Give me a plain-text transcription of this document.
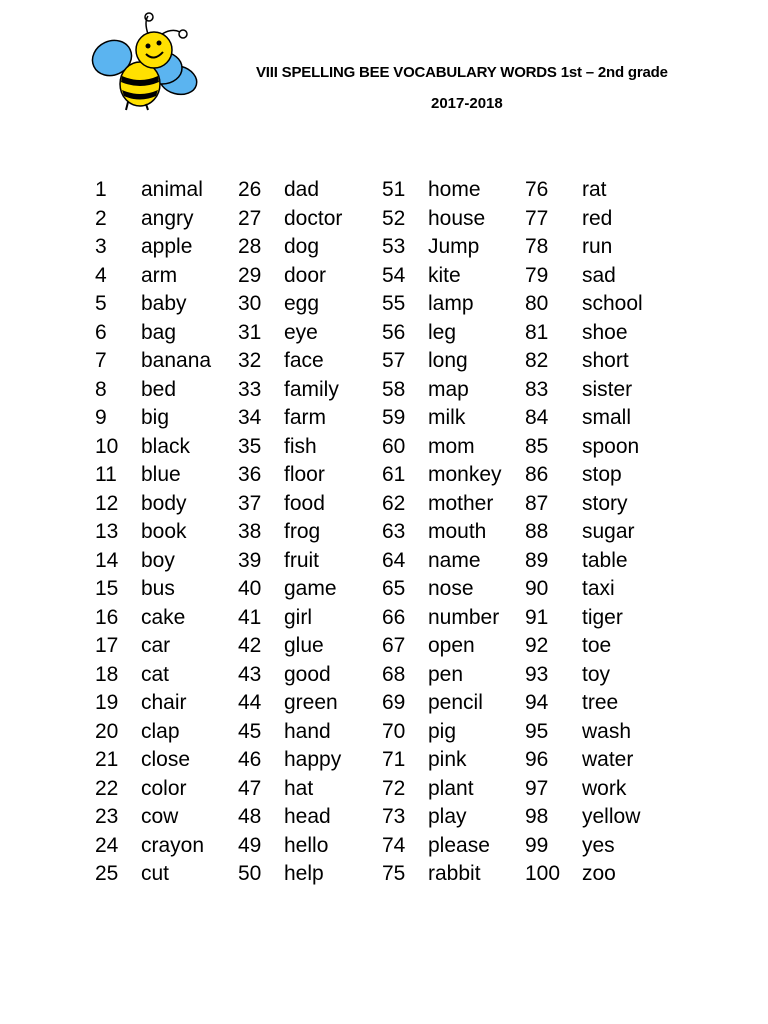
VIII SPELLING BEE VOCABULARY WORDS 1st – 2nd grade
2017-2018
1 animal
2 angry
3 apple
4 arm
5 baby
6 bag
7 banana
8 bed
9 big
10 black
11 blue
12 body
13 book
14 boy
15 bus
16 cake
17 car
18 cat
19 chair
20 clap
21 close
22 color
23 cow
24 crayon
25 cut
26 dad
27 doctor
28 dog
29 door
30 egg
31 eye
32 face
33 family
34 farm
35 fish
36 floor
37 food
38 frog
39 fruit
40 game
41 girl
42 glue
43 good
44 green
45 hand
46 happy
47 hat
48 head
49 hello
50 help
51 home
52 house
53 Jump
54 kite
55 lamp
56 leg
57 long
58 map
59 milk
60 mom
61 monkey
62 mother
63 mouth
64 name
65 nose
66 number
67 open
68 pen
69 pencil
70 pig
71 pink
72 plant
73 play
74 please
75 rabbit
76 rat
77 red
78 run
79 sad
80 school
81 shoe
82 short
83 sister
84 small
85 spoon
86 stop
87 story
88 sugar
89 table
90 taxi
91 tiger
92 toe
93 toy
94 tree
95 wash
96 water
97 work
98 yellow
99 yes
100 zoo
